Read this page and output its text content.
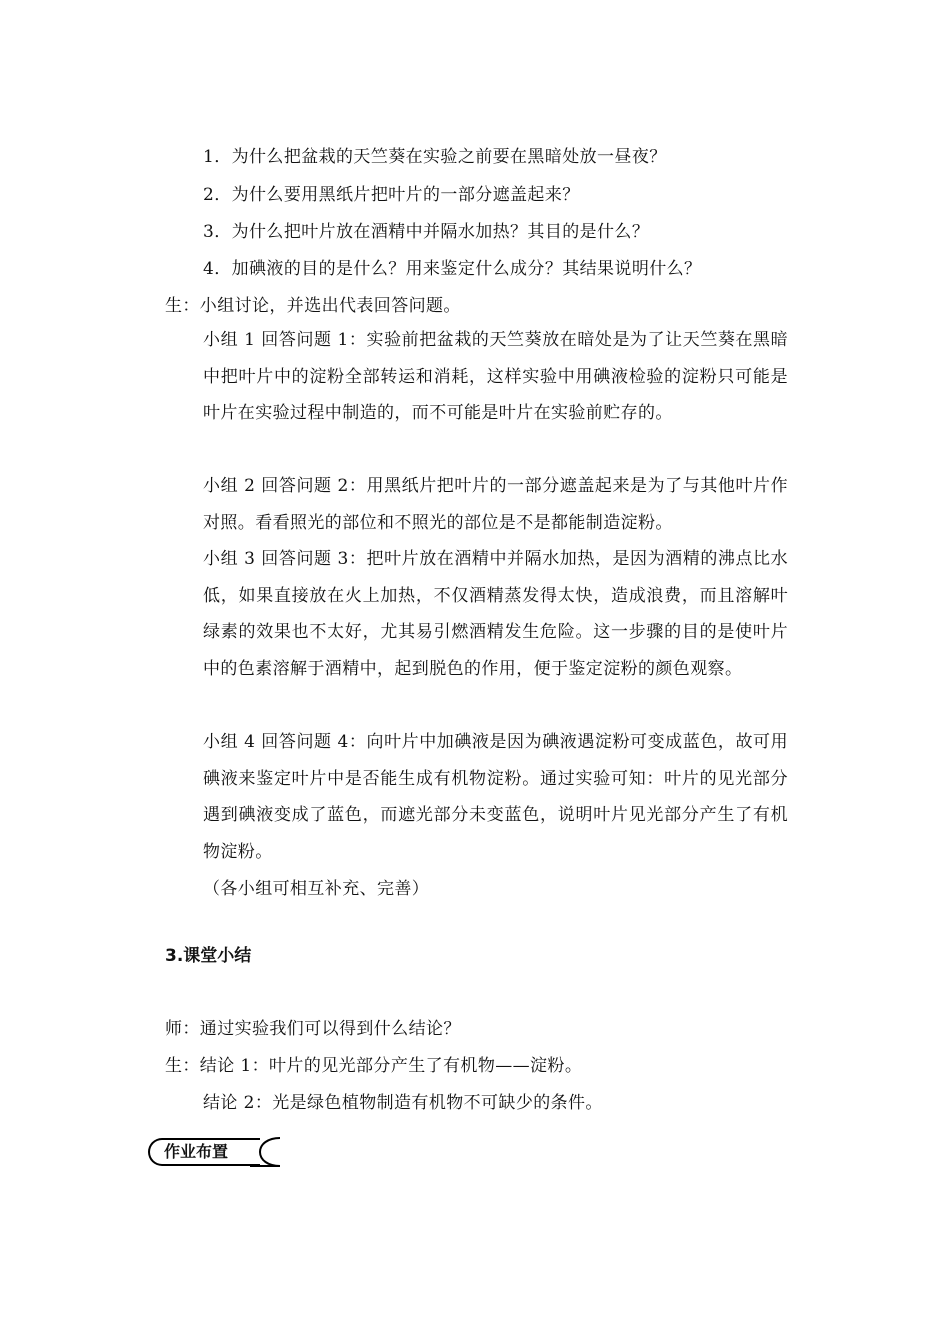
1．为什么把盆栽的天竺葵在实验之前要在黑暗处放一昼夜？
2．为什么要用黑纸片把叶片的一部分遮盖起来？
3．为什么把叶片放在酒精中并隔水加热？其目的是什么？
4．加碘液的目的是什么？用来鉴定什么成分？其结果说明什么？
生：小组讨论，并选出代表回答问题。
小组 1 回答问题 1：实验前把盆栽的天竺葵放在暗处是为了让天竺葵在黑暗中把叶片中的淀粉全部转运和消耗，这样实验中用碘液检验的淀粉只可能是叶片在实验过程中制造的，而不可能是叶片在实验前贮存的。
小组 2 回答问题 2：用黑纸片把叶片的一部分遮盖起来是为了与其他叶片作对照。看看照光的部位和不照光的部位是不是都能制造淀粉。
小组 3 回答问题 3：把叶片放在酒精中并隔水加热，是因为酒精的沸点比水低，如果直接放在火上加热，不仅酒精蒸发得太快，造成浪费，而且溶解叶绿素的效果也不太好，尤其易引燃酒精发生危险。这一步骤的目的是使叶片中的色素溶解于酒精中，起到脱色的作用，便于鉴定淀粉的颜色观察。
小组 4 回答问题 4：向叶片中加碘液是因为碘液遇淀粉可变成蓝色，故可用碘液来鉴定叶片中是否能生成有机物淀粉。通过实验可知：叶片的见光部分遇到碘液变成了蓝色，而遮光部分未变蓝色，说明叶片见光部分产生了有机物淀粉。
（各小组可相互补充、完善）
3.课堂小结
师：通过实验我们可以得到什么结论？
生：结论 1：叶片的见光部分产生了有机物——淀粉。
结论 2：光是绿色植物制造有机物不可缺少的条件。
作业布置
